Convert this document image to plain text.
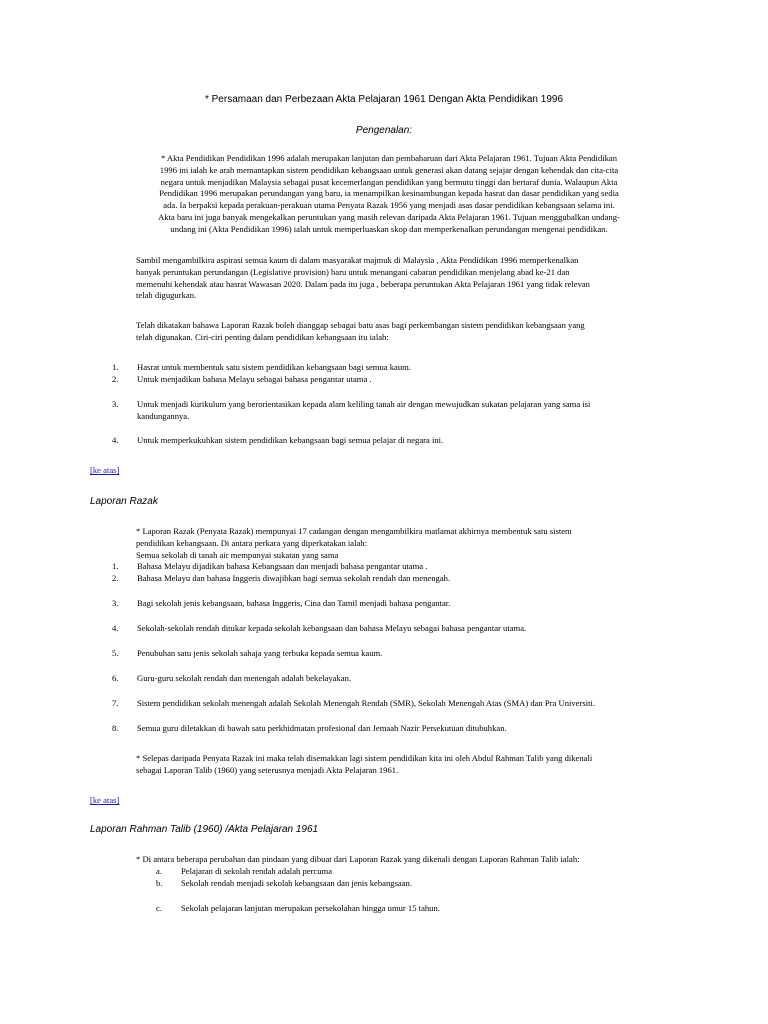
* Persamaan dan Perbezaan Akta Pelajaran 1961 Dengan Akta Pendidikan 1996
Pengenalan:
* Akta Pendidikan Pendidikan 1996 adalah merupakan lanjutan dan pembaharuan dari Akta Pelajaran 1961. Tujuan Akta Pendidikan
1996 ini ialah ke arah memantapkan sistem pendidikan kebangsaan untuk generasi akan datang sejajar dengan kehendak dan cita-cita
negara untuk menjadikan Malaysia sebagai pusat kecemerlangan pendidikan yang bermutu tinggi dan bertaraf dunia. Walaupun Akta
Pendidikan 1996 merupakan perundangan yang baru, ia menampilkan kesinambungan kepada hasrat dan dasar pendidikan yang sedia
ada. Ia berpaksi kepada perakuan-perakuan utama Penyata Razak 1956 yang menjadi asas dasar pendidikan kebangsaan selama ini.
Akta baru ini juga banyak mengekalkan peruntukan yang masih relevan daripada Akta Pelajaran 1961. Tujuan menggubalkan undang-
undang ini (Akta Pendidikan 1996) ialah untuk memperluaskan skop dan memperkenalkan perundangan mengenai pendidikan.
Sambil mengambilkira aspirasi semua kaum di dalam masyarakat majmuk di Malaysia , Akta Pendidikan 1996 memperkenalkan
banyak peruntukan perundangan (Legislative provision) baru untuk menangani cabaran pendidikan menjelang abad ke-21 dan
memenuhi kehendak atau hasrat Wawasan 2020. Dalam pada itu juga , beberapa peruntukan Akta Pelajaran 1961 yang tidak relevan
telah digugurkan.
Telah dikatakan bahawa Laporan Razak boleh dianggap sebagai batu asas bagi perkembangan sistem pendidikan kebangsaan yang
telah digunakan. Ciri-ciri penting dalam pendidikan kebangsaan itu ialah:
1.	Hasrat untuk membentuk satu sistem pendidikan kebangsaan bagi semua kaum.
2.	Untuk menjadikan bahasa Melayu sebagai bahasa pengantar utama .
3.	Untuk menjadi kurikulum yang berorientasikan kepada alam keliling tanah air dengan mewujudkan sukatan pelajaran yang sama isi
kandungannya.
4.	Untuk memperkukuhkan sistem pendidikan kebangsaan bagi semua pelajar di negara ini.
[ke atas]
Laporan Razak
* Laporan Razak (Penyata Razak) mempunyai 17 cadangan dengan mengambilkira matlamat akhirnya membentuk satu sistem
pendidikan kebangsaan. Di antara perkara yang diperkatakan ialah:
Semua sekolah di tanah air mempunyai sukatan yang sama
1.	Bahasa Melayu dijadikan bahasa Kebangsaan dan menjadi bahasa pengantar utama .
2.	Bahasa Melayu dan bahasa Inggeris diwajibkan bagi semua sekolah rendah dan menengah.
3.	Bagi sekolah jenis kebangsaan, bahasa Inggeris, Cina dan Tamil menjadi bahasa pengantar.
4.	Sekolah-sekolah rendah ditukar kepada sekolah kebangsaan dan bahasa Melayu sebagai bahasa pengantar utama.
5.	Penubuhan satu jenis sekolah sahaja yang terbuka kepada semua kaum.
6.	Guru-guru sekolah rendah dan menengah adalah bekelayakan.
7.	Sistem pendidikan sekolah menengah adalah Sekolah Menengah Rendah (SMR), Sekolah Menengah Atas (SMA) dan Pra Universiti.
8.	Semua guru diletakkan di bawah satu perkhidmatan profesional dan Jemaah Nazir Persekutuan ditubuhkan.
* Selepas daripada Penyata Razak ini maka telah disemakkan lagi sistem pendidikan kita ini oleh Abdul Rahman Talib yang dikenali
sebagai Laporan Talib (1960) yang seterusnya menjadi Akta Pelajaran 1961.
[ke atas]
Laporan Rahman Talib (1960) /Akta Pelajaran 1961
* Di antara beberapa perubahan dan pindaan yang dibuat dari Laporan Razak yang dikenali dengan Laporan Rahman Talib ialah:
a.	Pelajaran di sekolah rendah adalah percuma
b.	Sekolah rendah menjadi sekolah kebangsaan dan jenis kebangsaan.
c.	Sekolah pelajaran lanjutan merupakan persekolahan hingga umur 15 tahun.
